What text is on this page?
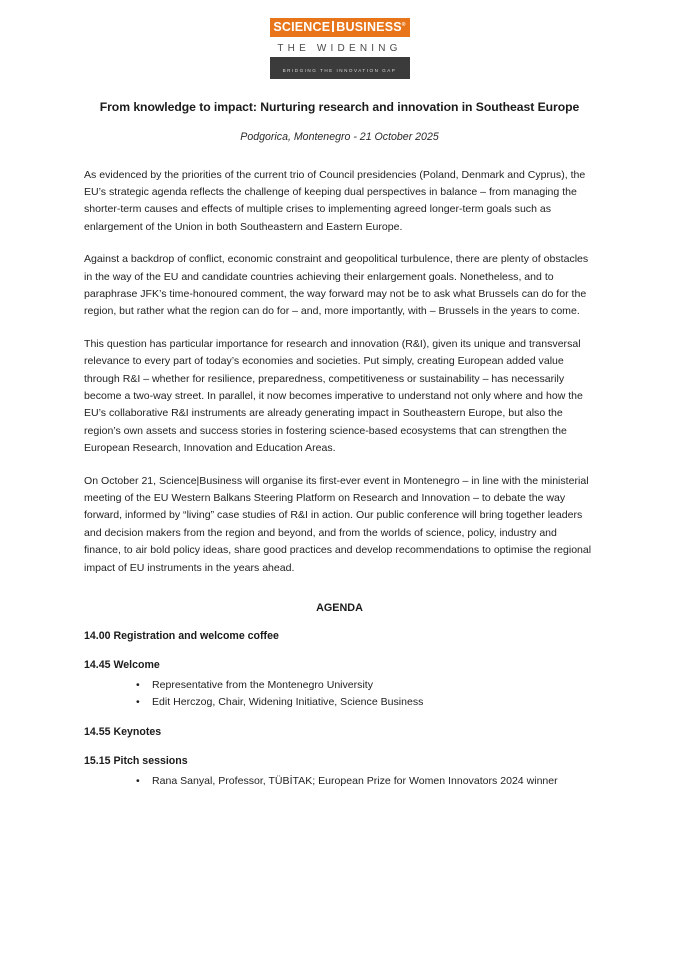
SCIENCE BUSINESS®
THE WIDENING
BRIDGING THE INNOVATION GAP
From knowledge to impact: Nurturing research and innovation in Southeast Europe
Podgorica, Montenegro - 21 October 2025

As evidenced by the priorities of the current trio of Council presidencies (Poland, Denmark and Cyprus), the EU’s strategic agenda reflects the challenge of keeping dual perspectives in balance – from managing the shorter-term causes and effects of multiple crises to implementing agreed longer-term goals such as enlargement of the Union in both Southeastern and Eastern Europe.

Against a backdrop of conflict, economic constraint and geopolitical turbulence, there are plenty of obstacles in the way of the EU and candidate countries achieving their enlargement goals. Nonetheless, and to paraphrase JFK’s time-honoured comment, the way forward may not be to ask what Brussels can do for the region, but rather what the region can do for – and, more importantly, with – Brussels in the years to come.

This question has particular importance for research and innovation (R&I), given its unique and transversal relevance to every part of today’s economies and societies. Put simply, creating European added value through R&I – whether for resilience, preparedness, competitiveness or sustainability – has necessarily become a two-way street. In parallel, it now becomes imperative to understand not only where and how the EU’s collaborative R&I instruments are already generating impact in Southeastern Europe, but also the region’s own assets and success stories in fostering science-based ecosystems that can strengthen the European Research, Innovation and Education Areas.

On October 21, Science|Business will organise its first-ever event in Montenegro – in line with the ministerial meeting of the EU Western Balkans Steering Platform on Research and Innovation – to debate the way forward, informed by “living” case studies of R&I in action. Our public conference will bring together leaders and decision makers from the region and beyond, and from the worlds of science, policy, industry and finance, to air bold policy ideas, share good practices and develop recommendations to optimise the regional impact of EU instruments in the years ahead.

AGENDA
14.00 Registration and welcome coffee
14.45 Welcome
• Representative from the Montenegro University
• Edit Herczog, Chair, Widening Initiative, Science Business
14.55 Keynotes
15.15 Pitch sessions
• Rana Sanyal, Professor, TÜBİTAK; European Prize for Women Innovators 2024 winner
